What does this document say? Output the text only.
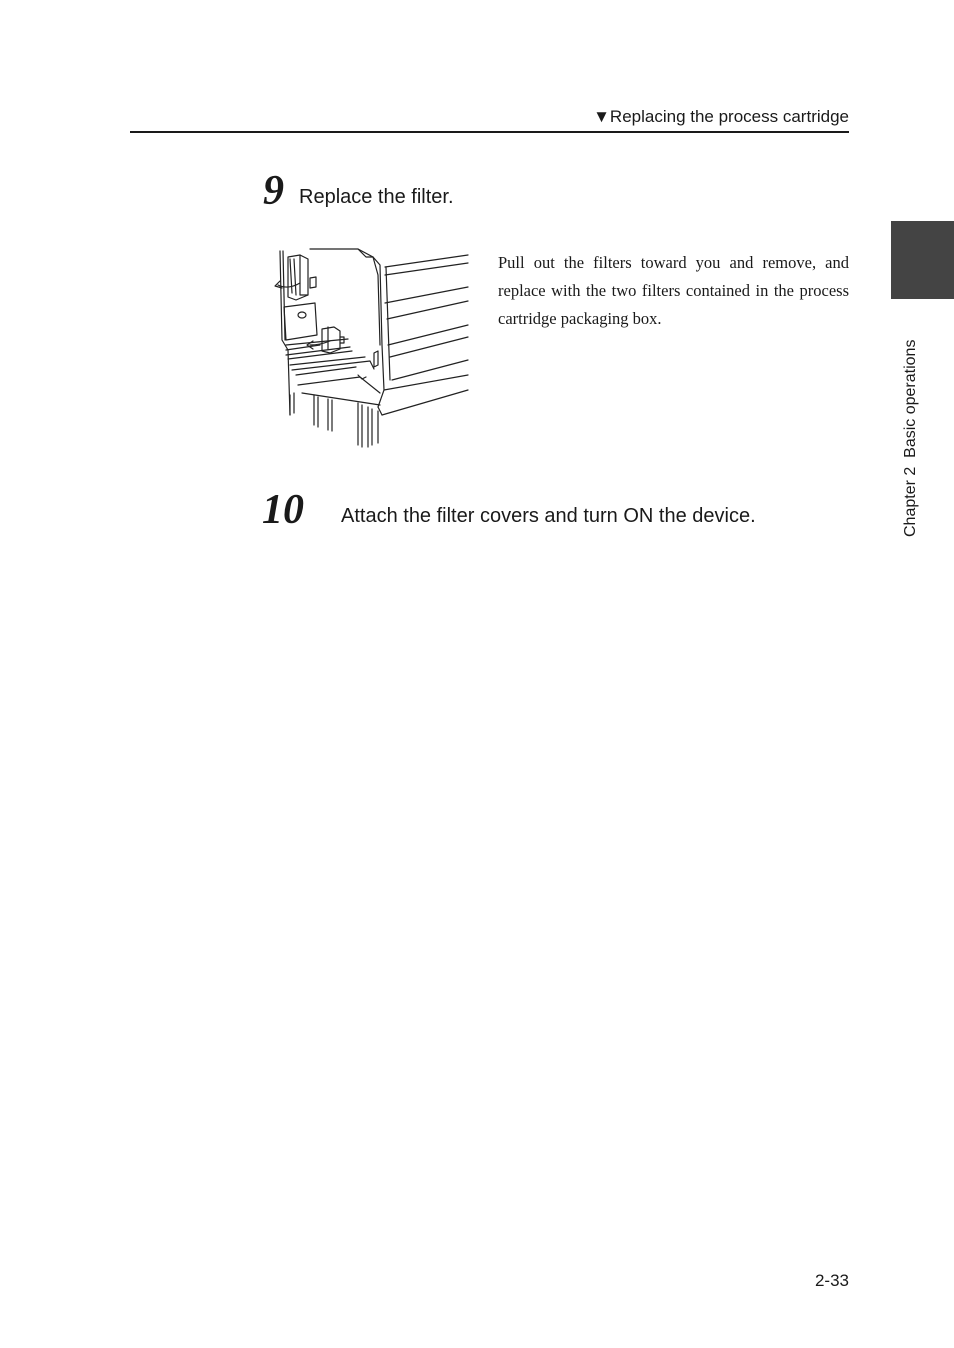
▼Replacing the process cartridge
9 Replace the filter.
Pull out the filters toward you and remove, and replace with the two filters contained in the process cartridge packaging box.
10 Attach the filter covers and turn ON the device.	Chapter 2  Basic operations
2-33
